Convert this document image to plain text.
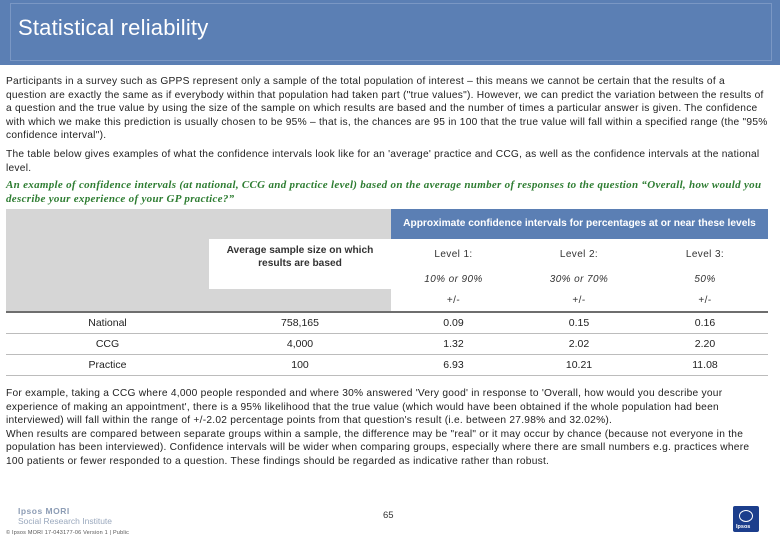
Statistical reliability

Participants in a survey such as GPPS represent only a sample of the total population of interest – this means we cannot be certain that the results of a question are exactly the same as if everybody within that population had taken part ("true values"). However, we can predict the variation between the results of a question and the true value by using the size of the sample on which results are based and the number of times a particular answer is given. The confidence with which we make this prediction is usually chosen to be 95% – that is, the chances are 95 in 100 that the true value will fall within a specified range (the "95% confidence interval").

The table below gives examples of what the confidence intervals look like for an 'average' practice and CCG, as well as the confidence intervals at the national level.

An example of confidence intervals (at national, CCG and practice level) based on the average number of responses to the question “Overall, how would you describe your experience of your GP practice?”

		Approximate confidence intervals for percentages at or near these levels		
	Average sample size on which results are based	Level 1:	Level 2:	Level 3:
		10% or 90%	30% or 70%	50%
		+/-	+/-	+/-
National	758,165	0.09	0.15	0.16
CCG	4,000	1.32	2.02	2.20
Practice	100	6.93	10.21	11.08
For example, taking a CCG where 4,000 people responded and where 30% answered 'Very good' in response to 'Overall, how would you describe your experience of making an appointment', there is a 95% likelihood that the true value (which would have been obtained if the whole population had been interviewed) will fall within the range of +/-2.02 percentage points from that question's result (i.e. between 27.98% and 32.02%).
When results are compared between separate groups within a sample, the difference may be "real" or it may occur by chance (because not everyone in the population has been interviewed). Confidence intervals will be wider when comparing groups, especially where there are small numbers e.g. practices where 100 patients or fewer responded to a question. These findings should be regarded as indicative rather than robust.
Ipsos MORI
Social Research Institute
© Ipsos MORI 17-043177-06 Version 1 | Public
65
Ipsos
